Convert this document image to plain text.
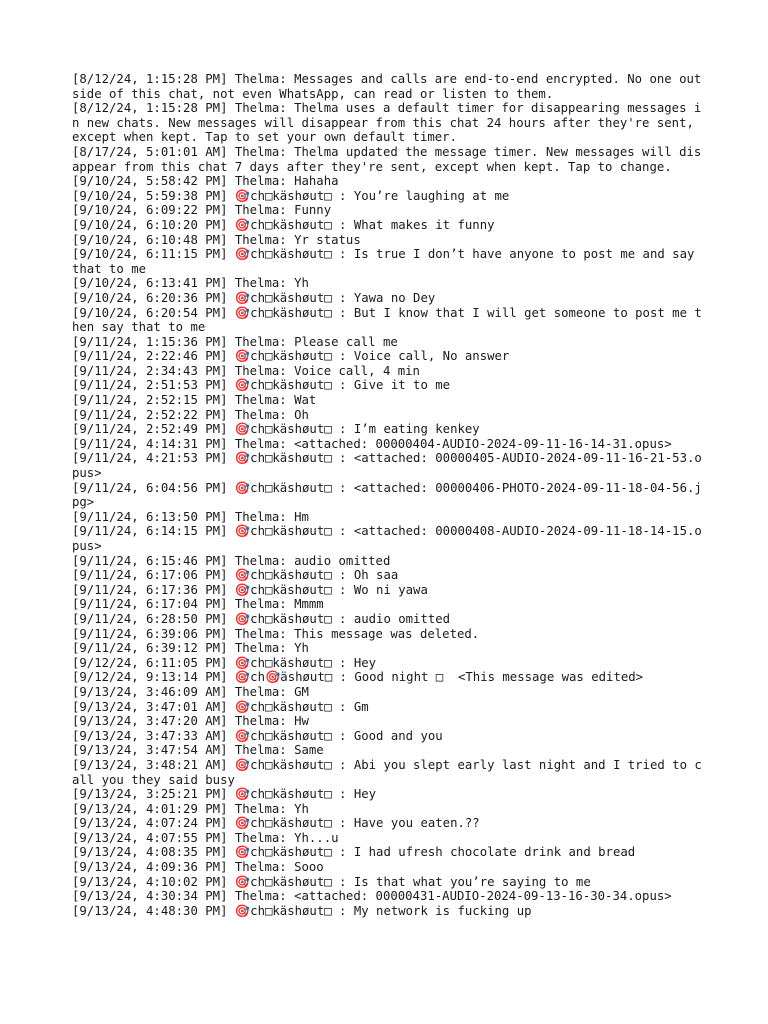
[8/12/24, 1:15:28 PM] Thelma: Messages and calls are end-to-end encrypted. No one outside of this chat, not even WhatsApp, can read or listen to them.
[8/12/24, 1:15:28 PM] Thelma: Thelma uses a default timer for disappearing messages in new chats. New messages will disappear from this chat 24 hours after they're sent, except when kept. Tap to set your own default timer.
[8/17/24, 5:01:01 AM] Thelma: Thelma updated the message timer. New messages will disappear from this chat 7 days after they're sent, except when kept. Tap to change.
[9/10/24, 5:58:42 PM] Thelma: Hahaha
[9/10/24, 5:59:38 PM] 🎯ch□käshøut□ : You’re laughing at me
[9/10/24, 6:09:22 PM] Thelma: Funny
[9/10/24, 6:10:20 PM] 🎯ch□käshøut□ : What makes it funny
[9/10/24, 6:10:48 PM] Thelma: Yr status
[9/10/24, 6:11:15 PM] 🎯ch□käshøut□ : Is true I don’t have anyone to post me and say that to me
[9/10/24, 6:13:41 PM] Thelma: Yh
[9/10/24, 6:20:36 PM] 🎯ch□käshøut□ : Yawa no Dey
[9/10/24, 6:20:54 PM] 🎯ch□käshøut□ : But I know that I will get someone to post me then say that to me
[9/11/24, 1:15:36 PM] Thelma: Please call me
[9/11/24, 2:22:46 PM] 🎯ch□käshøut□ : Voice call, No answer
[9/11/24, 2:34:43 PM] Thelma: Voice call, 4 min
[9/11/24, 2:51:53 PM] 🎯ch□käshøut□ : Give it to me
[9/11/24, 2:52:15 PM] Thelma: Wat
[9/11/24, 2:52:22 PM] Thelma: Oh
[9/11/24, 2:52:49 PM] 🎯ch□käshøut□ : I’m eating kenkey
[9/11/24, 4:14:31 PM] Thelma: <attached: 00000404-AUDIO-2024-09-11-16-14-31.opus>
[9/11/24, 4:21:53 PM] 🎯ch□käshøut□ : <attached: 00000405-AUDIO-2024-09-11-16-21-53.opus>
[9/11/24, 6:04:56 PM] 🎯ch□käshøut□ : <attached: 00000406-PHOTO-2024-09-11-18-04-56.jpg>
[9/11/24, 6:13:50 PM] Thelma: Hm
[9/11/24, 6:14:15 PM] 🎯ch□käshøut□ : <attached: 00000408-AUDIO-2024-09-11-18-14-15.opus>
[9/11/24, 6:15:46 PM] Thelma: audio omitted
[9/11/24, 6:17:06 PM] 🎯ch□käshøut□ : Oh saa
[9/11/24, 6:17:36 PM] 🎯ch□käshøut□ : Wo ni yawa
[9/11/24, 6:17:04 PM] Thelma: Mmmm
[9/11/24, 6:28:50 PM] 🎯ch□käshøut□ : audio omitted
[9/11/24, 6:39:06 PM] Thelma: This message was deleted.
[9/11/24, 6:39:12 PM] Thelma: Yh
[9/12/24, 6:11:05 PM] 🎯ch□käshøut□ : Hey
[9/12/24, 9:13:14 PM] 🎯ch🎯äshøut□ : Good night □  <This message was edited>
[9/13/24, 3:46:09 AM] Thelma: GM
[9/13/24, 3:47:01 AM] 🎯ch□käshøut□ : Gm
[9/13/24, 3:47:20 AM] Thelma: Hw
[9/13/24, 3:47:33 AM] 🎯ch□käshøut□ : Good and you
[9/13/24, 3:47:54 AM] Thelma: Same
[9/13/24, 3:48:21 AM] 🎯ch□käshøut□ : Abi you slept early last night and I tried to call you they said busy
[9/13/24, 3:25:21 PM] 🎯ch□käshøut□ : Hey
[9/13/24, 4:01:29 PM] Thelma: Yh
[9/13/24, 4:07:24 PM] 🎯ch□käshøut□ : Have you eaten.??
[9/13/24, 4:07:55 PM] Thelma: Yh...u
[9/13/24, 4:08:35 PM] 🎯ch□käshøut□ : I had ufresh chocolate drink and bread
[9/13/24, 4:09:36 PM] Thelma: Sooo
[9/13/24, 4:10:02 PM] 🎯ch□käshøut□ : Is that what you’re saying to me
[9/13/24, 4:30:34 PM] Thelma: <attached: 00000431-AUDIO-2024-09-13-16-30-34.opus>
[9/13/24, 4:48:30 PM] 🎯ch□käshøut□ : My network is fucking up
